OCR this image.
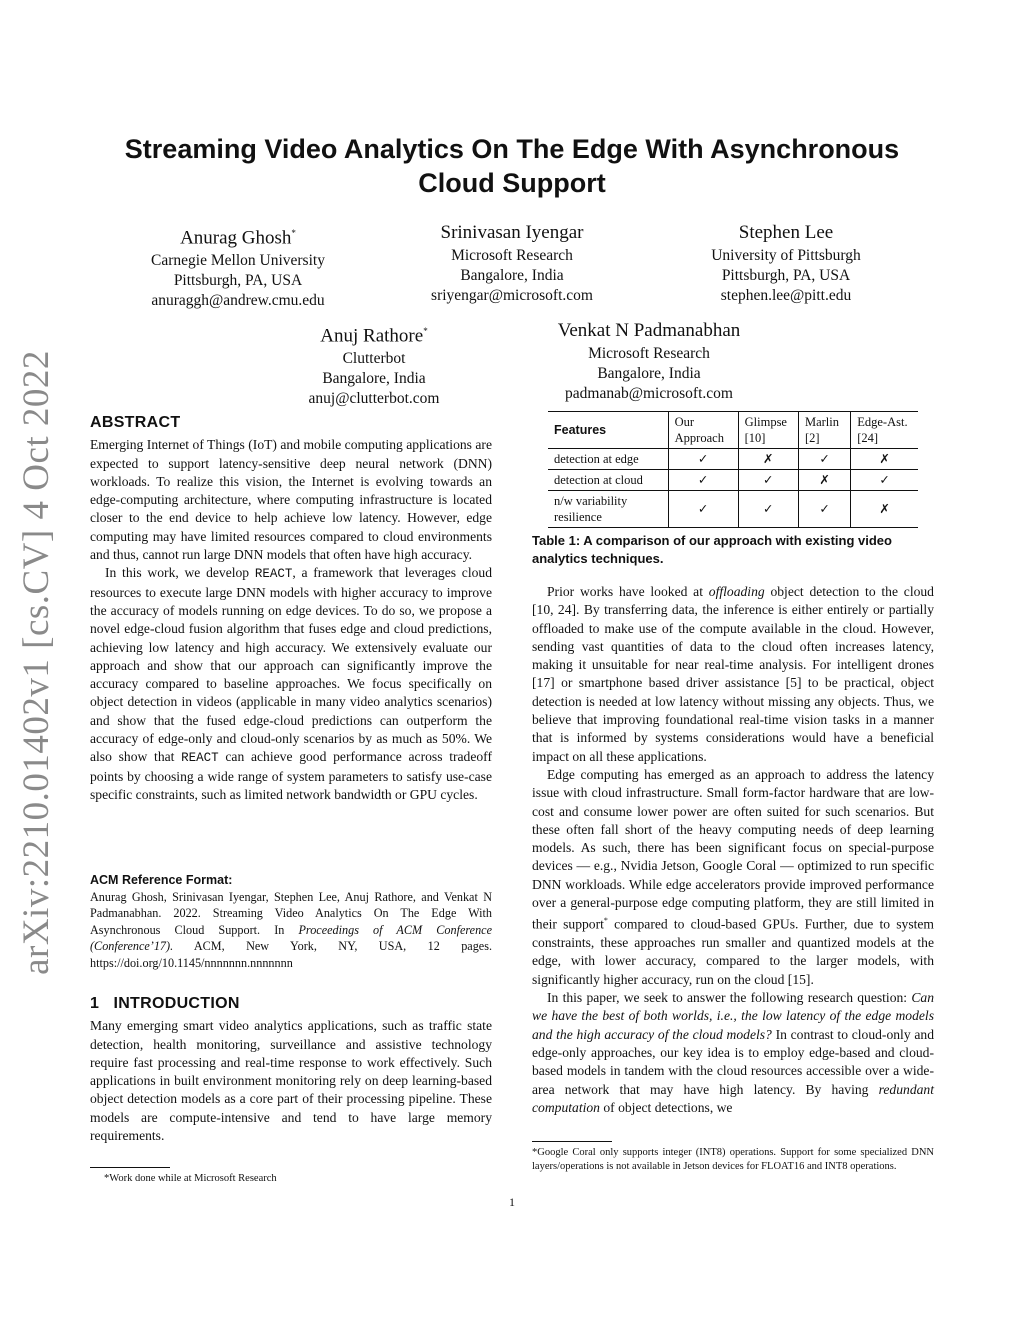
arXiv:2210.01402v1 [cs.CV] 4 Oct 2022
Streaming Video Analytics On The Edge With Asynchronous Cloud Support
Anurag Ghosh*
Carnegie Mellon University
Pittsburgh, PA, USA
anuraggh@andrew.cmu.edu
Srinivasan Iyengar
Microsoft Research
Bangalore, India
sriyengar@microsoft.com
Stephen Lee
University of Pittsburgh
Pittsburgh, PA, USA
stephen.lee@pitt.edu
Anuj Rathore*
Clutterbot
Bangalore, India
anuj@clutterbot.com
Venkat N Padmanabhan
Microsoft Research
Bangalore, India
padmanab@microsoft.com
ABSTRACT

Emerging Internet of Things (IoT) and mobile computing applications are expected to support latency-sensitive deep neural network (DNN) workloads. To realize this vision, the Internet is evolving towards an edge-computing architecture, where computing infrastructure is located closer to the end device to help achieve low latency. However, edge computing may have limited resources compared to cloud environments and thus, cannot run large DNN models that often have high accuracy.

In this work, we develop REACT, a framework that leverages cloud resources to execute large DNN models with higher accuracy to improve the accuracy of models running on edge devices. To do so, we propose a novel edge-cloud fusion algorithm that fuses edge and cloud predictions, achieving low latency and high accuracy. We extensively evaluate our approach and show that our approach can significantly improve the accuracy compared to baseline approaches. We focus specifically on object detection in videos (applicable in many video analytics scenarios) and show that the fused edge-cloud predictions can outperform the accuracy of edge-only and cloud-only scenarios by as much as 50%. We also show that REACT can achieve good performance across tradeoff points by choosing a wide range of system parameters to satisfy use-case specific constraints, such as limited network bandwidth or GPU cycles.

ACM Reference Format:

Anurag Ghosh, Srinivasan Iyengar, Stephen Lee, Anuj Rathore, and Venkat N Padmanabhan. 2022. Streaming Video Analytics On The Edge With Asynchronous Cloud Support. In Proceedings of ACM Conference (Conference’17). ACM, New York, NY, USA, 12 pages. https://doi.org/10.1145/nnnnnnn.nnnnnnn

1 INTRODUCTION

Many emerging smart video analytics applications, such as traffic state detection, health monitoring, surveillance and assistive technology require fast processing and real-time response to work effectively. Such applications in built environment monitoring rely on deep learning-based object detection models as a core part of their processing pipeline. These models are compute-intensive and tend to have large memory requirements.

*Work done while at Microsoft Research
Features	Our Approach	Glimpse [10]	Marlin [2]	Edge-Ast. [24]
detection at edge	✓	✗	✓	✗
detection at cloud	✓	✓	✗	✓
n/w variability resilience	✓	✓	✓	✗
Table 1: A comparison of our approach with existing video analytics techniques.

Prior works have looked at offloading object detection to the cloud [10, 24]. By transferring data, the inference is either entirely or partially offloaded to make use of the compute available in the cloud. However, sending vast quantities of data to the cloud often increases latency, making it unsuitable for near real-time analysis. For intelligent drones [17] or smartphone based driver assistance [5] to be practical, object detection is needed at low latency without missing any objects. Thus, we believe that improving foundational real-time vision tasks in a manner that is informed by systems considerations would have a beneficial impact on all these applications.

Edge computing has emerged as an approach to address the latency issue with cloud infrastructure. Small form-factor hardware that are low-cost and consume lower power are often suited for such scenarios. But these often fall short of the heavy computing needs of deep learning models. As such, there has been significant focus on special-purpose devices — e.g., Nvidia Jetson, Google Coral — optimized to run specific DNN workloads. While edge accelerators provide improved performance over a general-purpose edge computing platform, they are still limited in their support* compared to cloud-based GPUs. Further, due to system constraints, these approaches run smaller and quantized models at the edge, with lower accuracy, compared to the larger models, with significantly higher accuracy, run on the cloud [15].

In this paper, we seek to answer the following research question: Can we have the best of both worlds, i.e., the low latency of the edge models and the high accuracy of the cloud models? In contrast to cloud-only and edge-only approaches, our key idea is to employ edge-based and cloud-based models in tandem with the cloud resources accessible over a wide-area network that may have high latency. By having redundant computation of object detections, we

*Google Coral only supports integer (INT8) operations. Support for some specialized DNN layers/operations is not available in Jetson devices for FLOAT16 and INT8 operations.
1
